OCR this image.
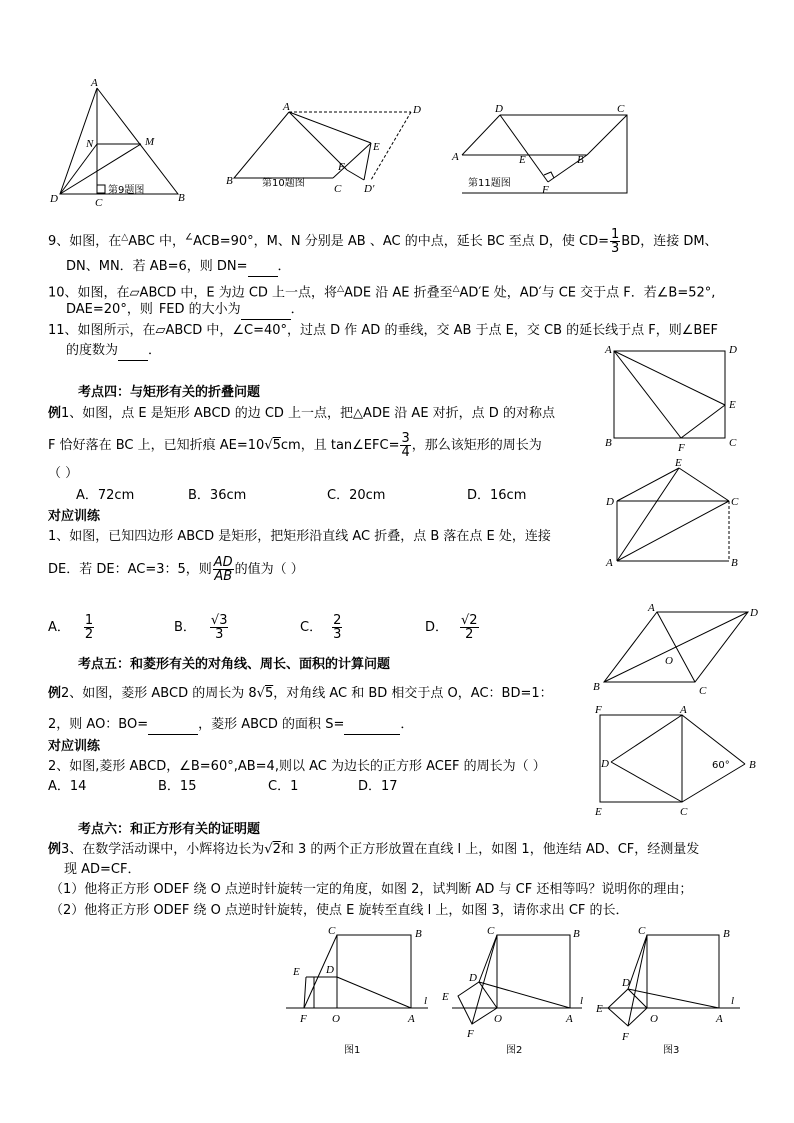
A
N	M
D	C	B
第9题图
A	D
E
F
B
C D′
第10题图
D	C
A	E	B
F
第11题图
A	D
E
F
B	C
E
D	C
A	B
A	D
O
B	C
F	A
D	B
E	C
60°
C	B
E D
F O	A
l
图1
C	B
D
E
F
O	A
l
图2
C	B
D
E
F
O	A
l
图3
9、如图，在△ABC 中，∠ACB=90°，M、N 分别是 AB 、AC 的中点，延长 BC 至点 D，使 $CD= \frac{1}{3}$ BD，连接 DM、
DN、MN．若 AB=6，则 DN= ．
10、如图，在▱ABCD 中，E 为边 CD 上一点，将△ADE 沿 AE 折叠至△AD′E 处，AD′与 CE 交于点 F．若∠B=52°,
DAE=20°，则 FED 的大小为	．
11、如图所示，在▱ABCD 中，∠C=40°，过点 D 作 AD 的垂线，交 AB 于点 E，交 CB 的延长线于点 F，则∠BEF
的度数为 ．
考点四：与矩形有关的折叠问题
例1、如图，点 E 是矩形 ABCD 的边 CD 上一点，把△ADE 沿 AE 对折，点 D 的对称点
F 恰好落在 BC 上，已知折痕 AE=10√5cm，且 tan∠EFC= $\frac{3}{4}$ ，那么该矩形的周长为
（ ）
A．72cm	B．36cm	C．20cm	D．16cm
对应训练
1、如图，已知四边形 ABCD 是矩形，把矩形沿直线 AC 折叠，点 B 落在点 E 处，连接
DE．若 DE：AC=3：5，则 $\frac{AD}{AB}$ 的值为（ ）
A． $\frac{1}{2}$	B． $\frac{√3}{3}$	C． $\frac{2}{3}$	D． $\frac{√2}{2}$
考点五：和菱形有关的对角线、周长、面积的计算问题
例2、如图，菱形 ABCD 的周长为 8√5，对角线 AC 和 BD 相交于点 O，AC：BD=1：
2，则 AO：BO=	，菱形 ABCD 的面积 S=	．
对应训练
2、如图,菱形 ABCD，∠B=60°,AB=4,则以 AC 为边长的正方形 ACEF 的周长为（ ）
A．14	B．15	C．1	D．17
考点六：和正方形有关的证明题
例3、在数学活动课中，小辉将边长为√2和 3 的两个正方形放置在直线 l 上，如图 1，他连结 AD、CF，经测量发
现 AD=CF．
（1）他将正方形 ODEF 绕 O 点逆时针旋转一定的角度，如图 2，试判断 AD 与 CF 还相等吗？说明你的理由；
（2）他将正方形 ODEF 绕 O 点逆时针旋转，使点 E 旋转至直线 l 上，如图 3，请你求出 CF 的长．
